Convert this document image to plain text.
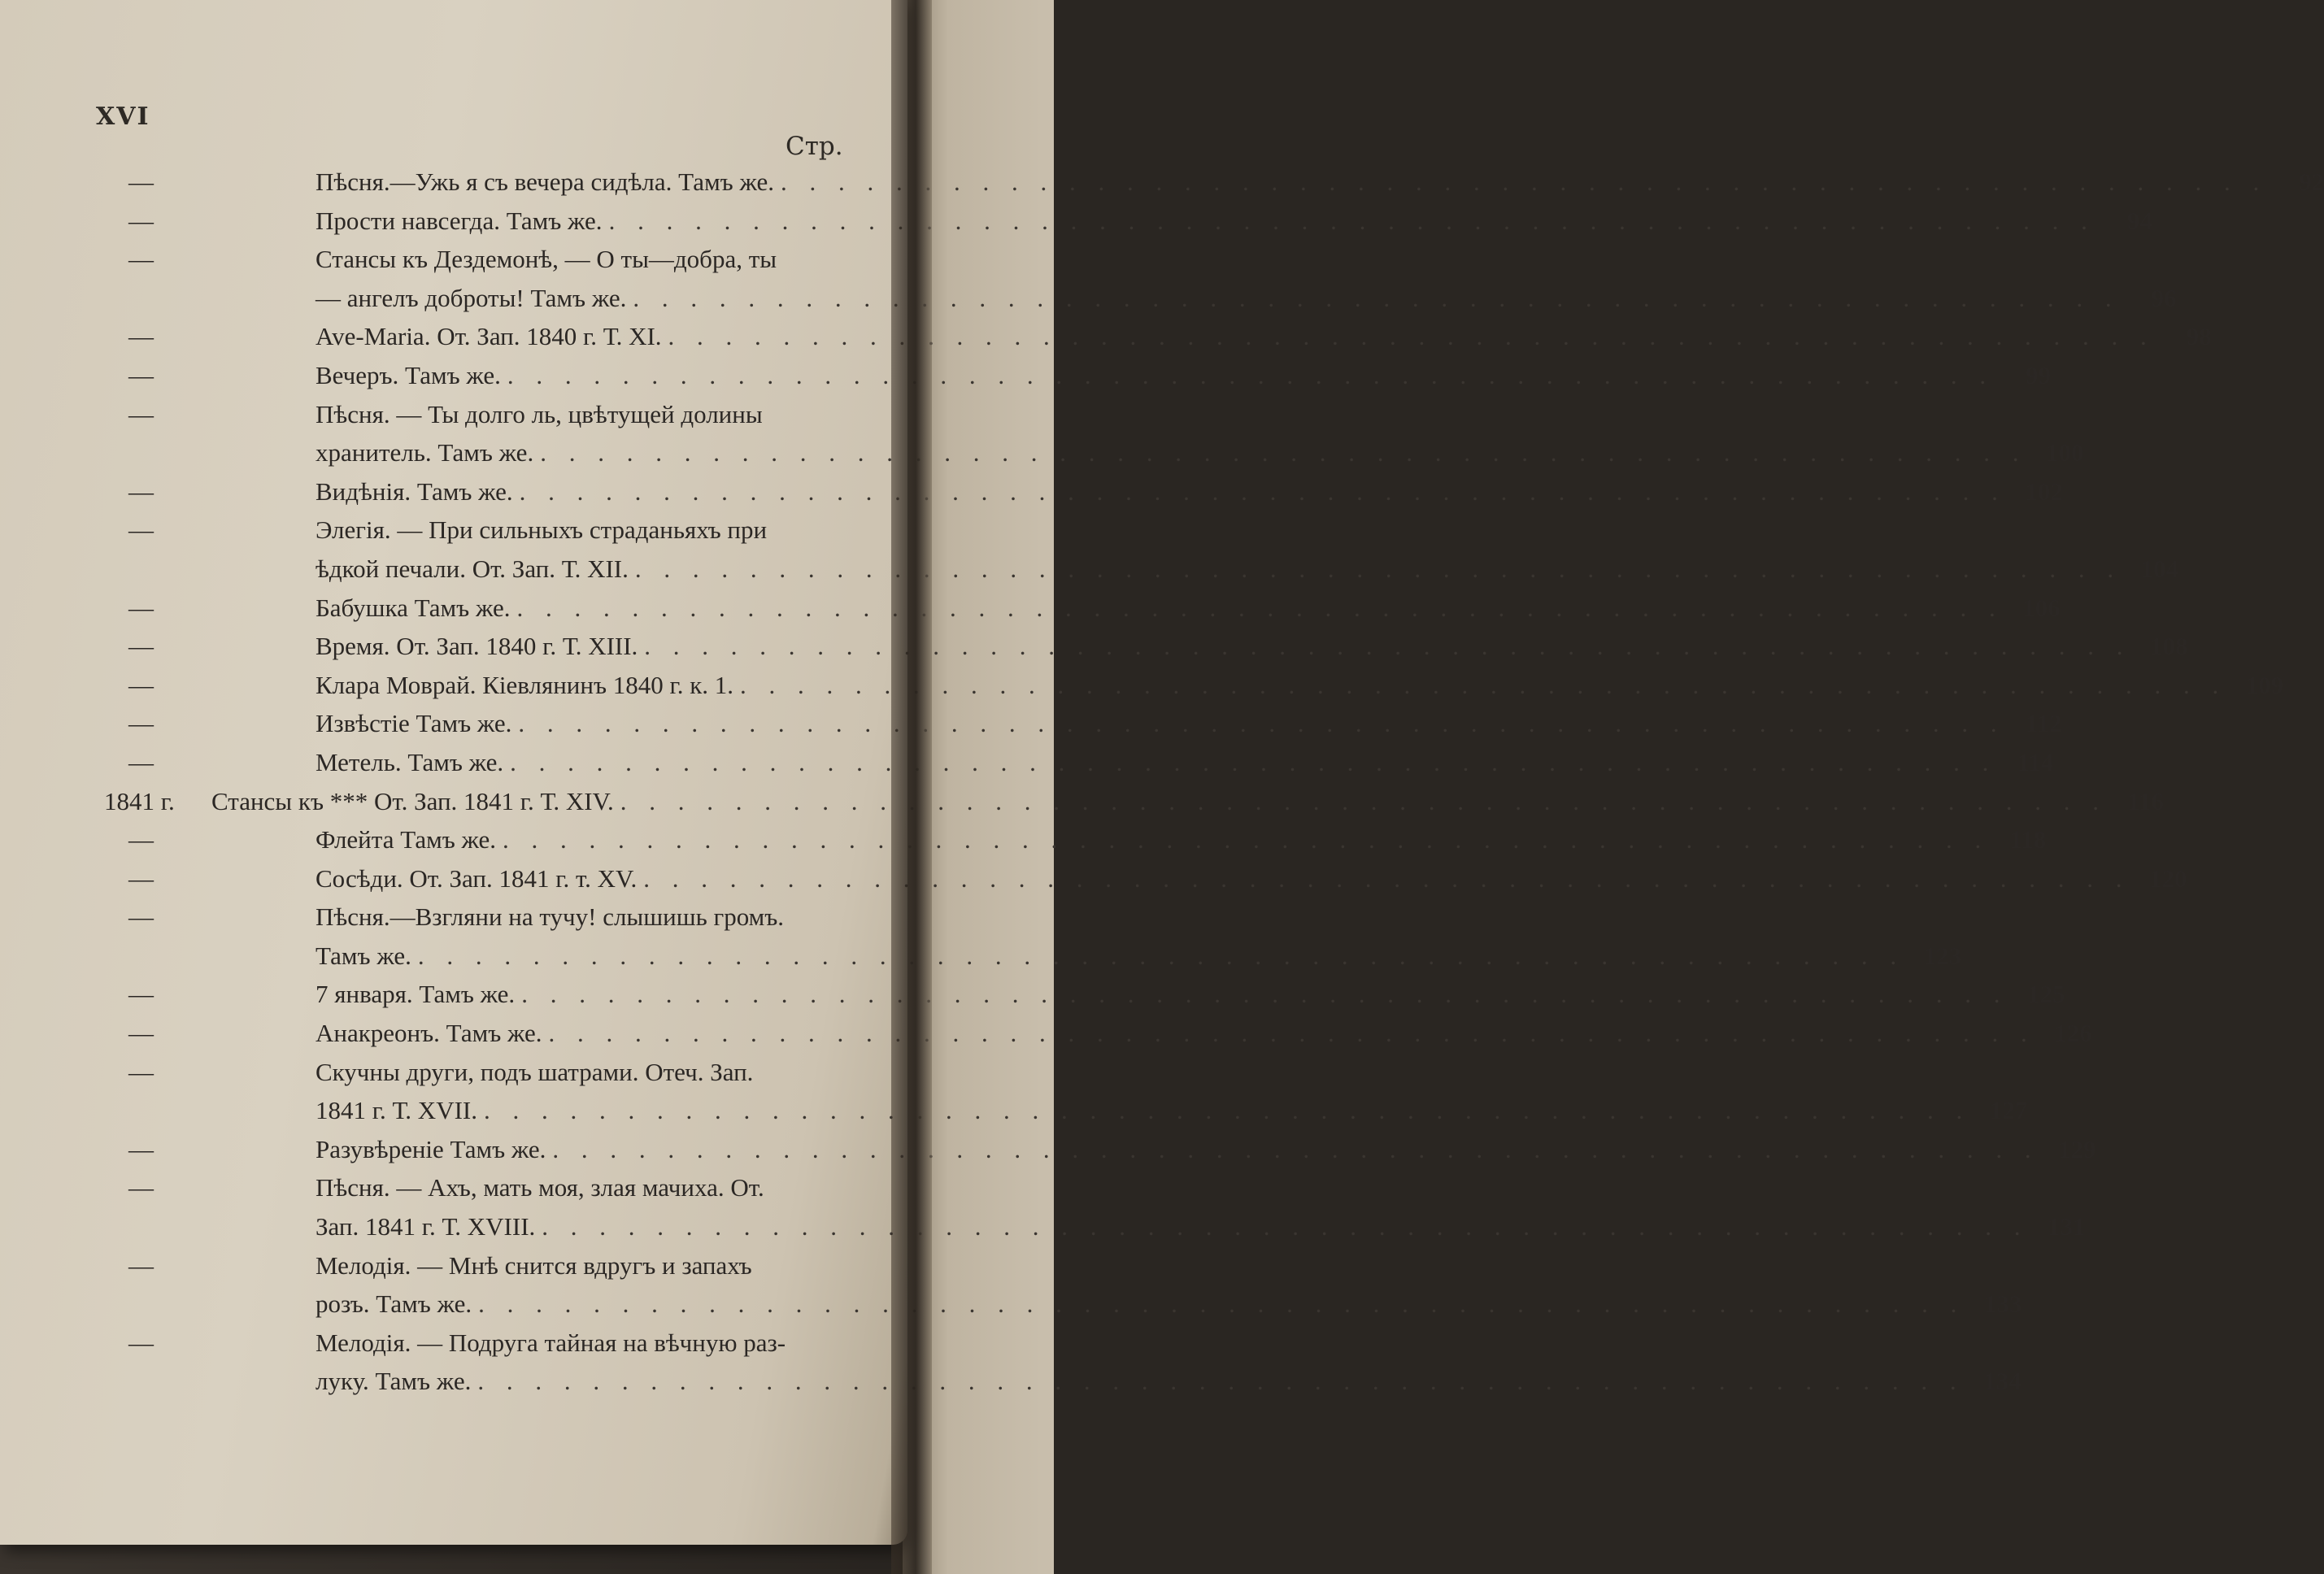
XVI
Стр.
—	Пѣсня.—Ужь я съ вечера сидѣла. Тамъ же. . . .	92
—	Прости навсегда. Тамъ же. . . .	94
—	Стансы къ Дездемонѣ, — О ты—добра, ты
— ангелъ доброты! Тамъ же. . . .	96
—	Ave-Maria. От. Зап. 1840 г. Т. XI. . . .	98
—	Вечеръ. Тамъ же. . . .	99
—	Пѣсня. — Ты долго ль, цвѣтущей долины
хранитель. Тамъ же. . . .	100
—	Видѣнія. Тамъ же. . . .	102
—	Элегія. — При сильныхъ страданьяхъ при
ѣдкой печали. От. Зап. Т. XII. . . .	104
—	Бабушка Тамъ же. . . .	106
—	Время. От. Зап. 1840 г. Т. XIII. . . .	108
—	Клара Моврай. Кіевлянинъ 1840 г. к. 1. . . .	109
—	Извѣстіе Тамъ же. . . .	112
—	Метель. Тамъ же. . . .	114
1841 г.	Стансы къ *** От. Зап. 1841 г. Т. XIV. . . .	116
—	Флейта Тамъ же. . . .	118
—	Сосѣди. От. Зап. 1841 г. т. XV. . . .	120
—	Пѣсня.—Взгляни на тучу! слышишь громъ.
Тамъ же. . . .	123
—	7 января. Тамъ же. . . .	125
—	Анакреонъ. Тамъ же. . . .	126
—	Скучны други, подъ шатрами. Отеч. Зап.
1841 г. Т. XVII. . . .	127
—	Разувѣреніе Тамъ же. . . .	129
—	Пѣсня. — Ахъ, мать моя, злая мачиха. От.
Зап. 1841 г. Т. XVIII. . . .	131
—	Мелодія. — Мнѣ снится вдругъ и запахъ
розъ. Тамъ же. . . .	133
—	Мелодія. — Подруга тайная на вѣчную раз-
луку. Тамъ же. . . .	134
